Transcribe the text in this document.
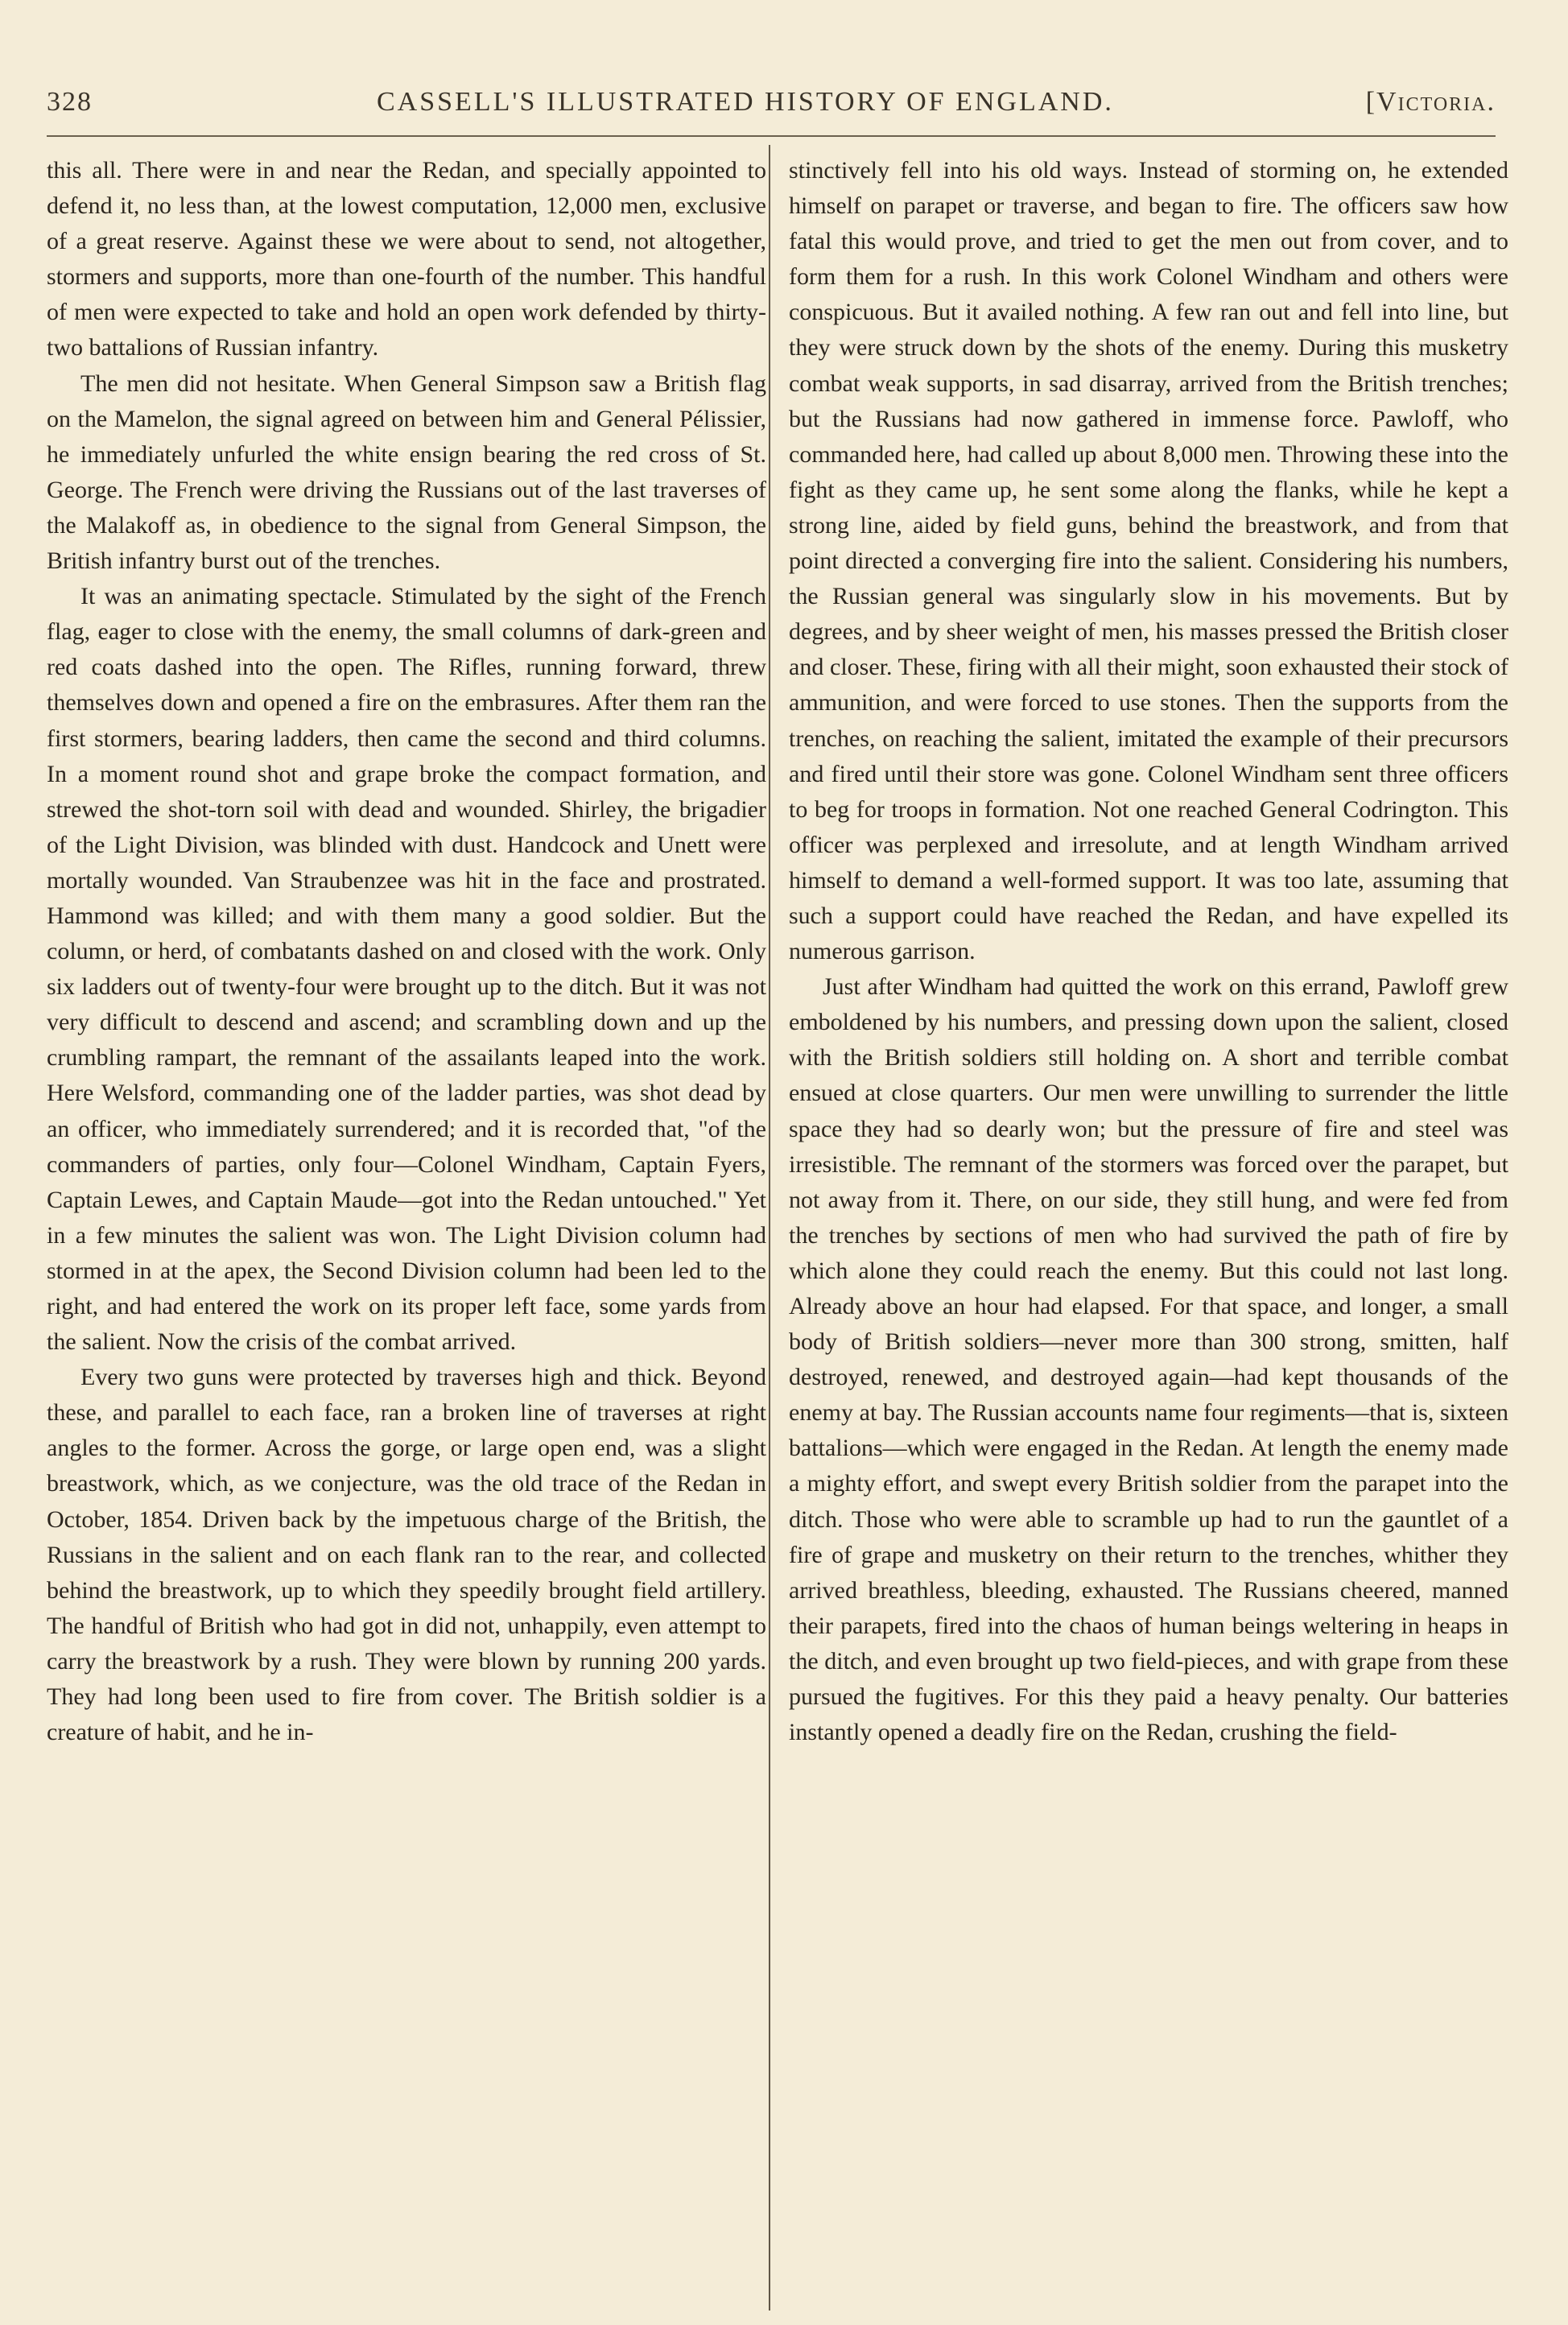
328	CASSELL'S ILLUSTRATED HISTORY OF ENGLAND.	[Victoria.

this all. There were in and near the Redan, and specially appointed to defend it, no less than, at the lowest computation, 12,000 men, exclusive of a great reserve. Against these we were about to send, not altogether, stormers and supports, more than one-fourth of the number. This handful of men were expected to take and hold an open work defended by thirty-two battalions of Russian infantry.

The men did not hesitate. When General Simpson saw a British flag on the Mamelon, the signal agreed on between him and General Pélissier, he immediately unfurled the white ensign bearing the red cross of St. George. The French were driving the Russians out of the last traverses of the Malakoff as, in obedience to the signal from General Simpson, the British infantry burst out of the trenches.

It was an animating spectacle. Stimulated by the sight of the French flag, eager to close with the enemy, the small columns of dark-green and red coats dashed into the open. The Rifles, running forward, threw themselves down and opened a fire on the embrasures. After them ran the first stormers, bearing ladders, then came the second and third columns. In a moment round shot and grape broke the compact formation, and strewed the shot-torn soil with dead and wounded. Shirley, the brigadier of the Light Division, was blinded with dust. Handcock and Unett were mortally wounded. Van Straubenzee was hit in the face and prostrated. Hammond was killed; and with them many a good soldier. But the column, or herd, of combatants dashed on and closed with the work. Only six ladders out of twenty-four were brought up to the ditch. But it was not very difficult to descend and ascend; and scrambling down and up the crumbling rampart, the remnant of the assailants leaped into the work. Here Welsford, commanding one of the ladder parties, was shot dead by an officer, who immediately surrendered; and it is recorded that, "of the commanders of parties, only four—Colonel Windham, Captain Fyers, Captain Lewes, and Captain Maude—got into the Redan untouched." Yet in a few minutes the salient was won. The Light Division column had stormed in at the apex, the Second Division column had been led to the right, and had entered the work on its proper left face, some yards from the salient. Now the crisis of the combat arrived.

Every two guns were protected by traverses high and thick. Beyond these, and parallel to each face, ran a broken line of traverses at right angles to the former. Across the gorge, or large open end, was a slight breastwork, which, as we conjecture, was the old trace of the Redan in October, 1854. Driven back by the impetuous charge of the British, the Russians in the salient and on each flank ran to the rear, and collected behind the breastwork, up to which they speedily brought field artillery. The handful of British who had got in did not, unhappily, even attempt to carry the breastwork by a rush. They were blown by running 200 yards. They had long been used to fire from cover. The British soldier is a creature of habit, and he in-

stinctively fell into his old ways. Instead of storming on, he extended himself on parapet or traverse, and began to fire. The officers saw how fatal this would prove, and tried to get the men out from cover, and to form them for a rush. In this work Colonel Windham and others were conspicuous. But it availed nothing. A few ran out and fell into line, but they were struck down by the shots of the enemy. During this musketry combat weak supports, in sad disarray, arrived from the British trenches; but the Russians had now gathered in immense force. Pawloff, who commanded here, had called up about 8,000 men. Throwing these into the fight as they came up, he sent some along the flanks, while he kept a strong line, aided by field guns, behind the breastwork, and from that point directed a converging fire into the salient. Considering his numbers, the Russian general was singularly slow in his movements. But by degrees, and by sheer weight of men, his masses pressed the British closer and closer. These, firing with all their might, soon exhausted their stock of ammunition, and were forced to use stones. Then the supports from the trenches, on reaching the salient, imitated the example of their precursors and fired until their store was gone. Colonel Windham sent three officers to beg for troops in formation. Not one reached General Codrington. This officer was perplexed and irresolute, and at length Windham arrived himself to demand a well-formed support. It was too late, assuming that such a support could have reached the Redan, and have expelled its numerous garrison.

Just after Windham had quitted the work on this errand, Pawloff grew emboldened by his numbers, and pressing down upon the salient, closed with the British soldiers still holding on. A short and terrible combat ensued at close quarters. Our men were unwilling to surrender the little space they had so dearly won; but the pressure of fire and steel was irresistible. The remnant of the stormers was forced over the parapet, but not away from it. There, on our side, they still hung, and were fed from the trenches by sections of men who had survived the path of fire by which alone they could reach the enemy. But this could not last long. Already above an hour had elapsed. For that space, and longer, a small body of British soldiers—never more than 300 strong, smitten, half destroyed, renewed, and destroyed again—had kept thousands of the enemy at bay. The Russian accounts name four regiments—that is, sixteen battalions—which were engaged in the Redan. At length the enemy made a mighty effort, and swept every British soldier from the parapet into the ditch. Those who were able to scramble up had to run the gauntlet of a fire of grape and musketry on their return to the trenches, whither they arrived breathless, bleeding, exhausted. The Russians cheered, manned their parapets, fired into the chaos of human beings weltering in heaps in the ditch, and even brought up two field-pieces, and with grape from these pursued the fugitives. For this they paid a heavy penalty. Our batteries instantly opened a deadly fire on the Redan, crushing the field-
